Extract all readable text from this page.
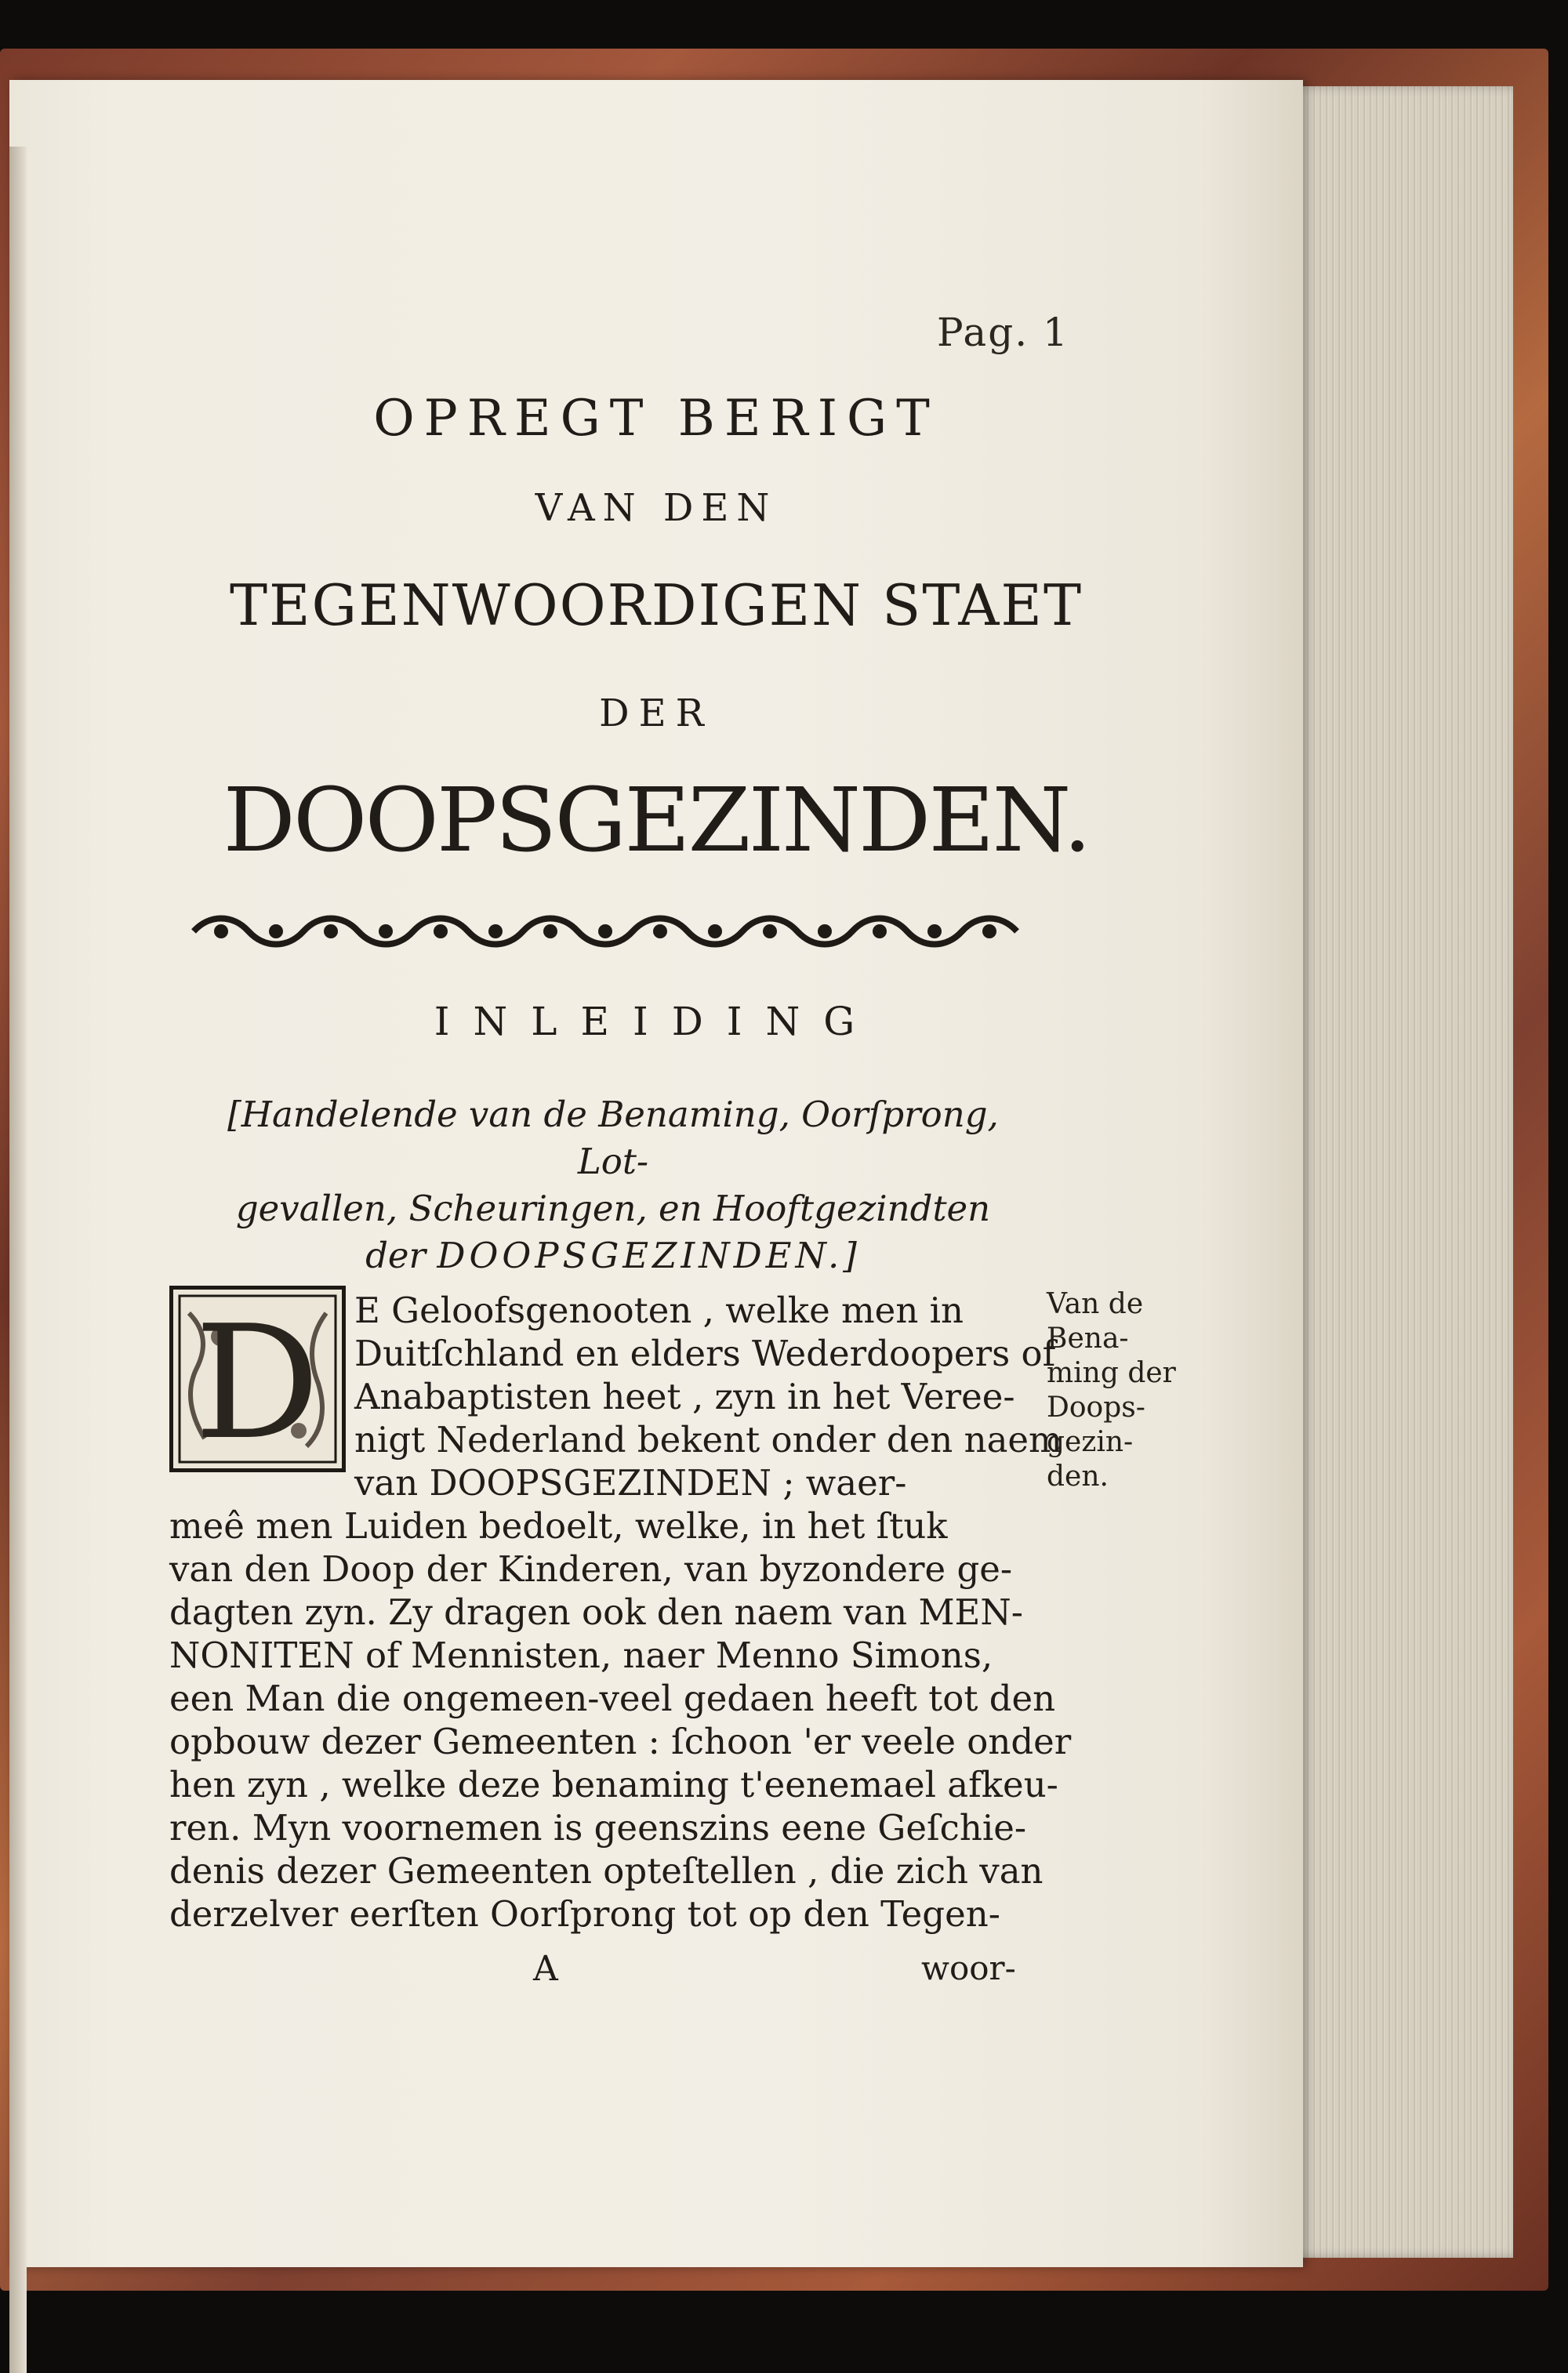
Pag. 1
OPREGT BERIGT
VAN DEN
TEGENWOORDIGEN STAET
DER
DOOPSGEZINDEN.
INLEIDING
[Handelende van de Benaming, Oorſprong, Lot-
gevallen, Scheuringen, en Hooftgezindten
der DOOPSGEZINDEN.]
D E Geloofsgenooten , welke men in
Duitſchland en elders Wederdoopers of
Anabaptisten heet , zyn in het Veree-
nigt Nederland bekent onder den naem
van DOOPSGEZINDEN ; waer-
meê men Luiden bedoelt, welke, in het ſtuk
van den Doop der Kinderen, van byzondere ge-
dagten zyn. Zy dragen ook den naem van MEN-
NONITEN of Mennisten, naer Menno Simons,
een Man die ongemeen-veel gedaen heeft tot den
opbouw dezer Gemeenten : ſchoon 'er veele onder
hen zyn , welke deze benaming t'eenemael afkeu-
ren. Myn voornemen is geenszins eene Geſchie-
denis dezer Gemeenten opteſtellen , die zich van
derzelver eerſten Oorſprong tot op den Tegen-
Van de
Bena-
ming der
Doops-
gezin-
den.
A	woor-
